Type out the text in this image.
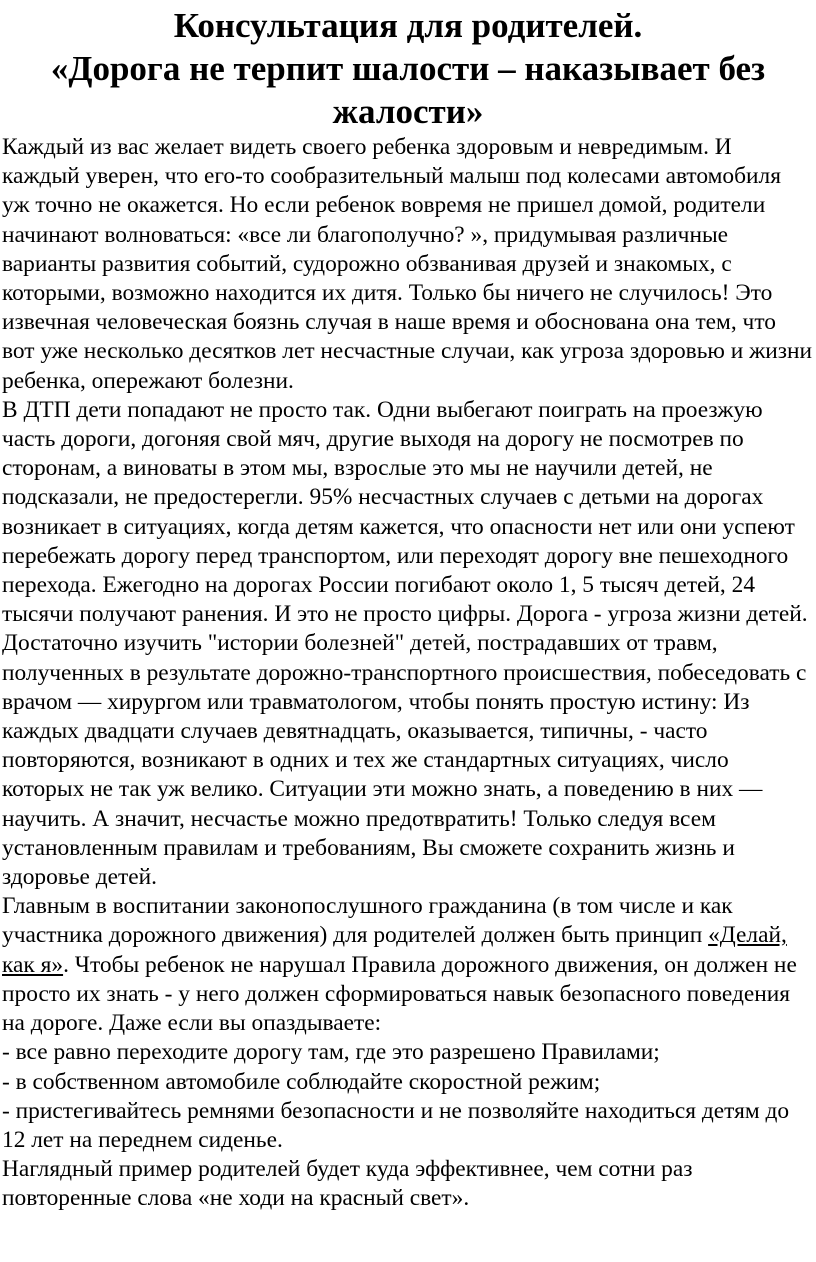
Консультация для родителей.
«Дорога не терпит шалости – наказывает без жалости»

Каждый из вас желает видеть своего ребенка здоровым и невредимым. И каждый уверен, что его-то сообразительный малыш под колесами автомобиля уж точно не окажется. Но если ребенок вовремя не пришел домой, родители начинают волноваться: «все ли благополучно? », придумывая различные варианты развития событий, судорожно обзванивая друзей и знакомых, с которыми, возможно находится их дитя. Только бы ничего не случилось! Это извечная человеческая боязнь случая в наше время и обоснована она тем, что вот уже несколько десятков лет несчастные случаи, как угроза здоровью и жизни ребенка, опережают болезни.

В ДТП дети попадают не просто так. Одни выбегают поиграть на проезжую часть дороги, догоняя свой мяч, другие выходя на дорогу не посмотрев по сторонам, а виноваты в этом мы, взрослые это мы не научили детей, не подсказали, не предостерегли. 95% несчастных случаев с детьми на дорогах возникает в ситуациях, когда детям кажется, что опасности нет или они успеют перебежать дорогу перед транспортом, или переходят дорогу вне пешеходного перехода. Ежегодно на дорогах России погибают около 1, 5 тысяч детей, 24 тысячи получают ранения. И это не просто цифры. Дорога - угроза жизни детей. Достаточно изучить "истории болезней" детей, пострадавших от травм, полученных в результате дорожно-транспортного происшествия, побеседовать с врачом — хирургом или травматологом, чтобы понять простую истину: Из каждых двадцати случаев девятнадцать, оказывается, типичны, - часто повторяются, возникают в одних и тех же стандартных ситуациях, число которых не так уж велико. Ситуации эти можно знать, а поведению в них — научить. А значит, несчастье можно предотвратить! Только следуя всем установленным правилам и требованиям, Вы сможете сохранить жизнь и здоровье детей.

Главным в воспитании законопослушного гражданина (в том числе и как участника дорожного движения) для родителей должен быть принцип «Делай, как я». Чтобы ребенок не нарушал Правила дорожного движения, он должен не просто их знать - у него должен сформироваться навык безопасного поведения на дороге. Даже если вы опаздываете:

- все равно переходите дорогу там, где это разрешено Правилами;

- в собственном автомобиле соблюдайте скоростной режим;

- пристегивайтесь ремнями безопасности и не позволяйте находиться детям до 12 лет на переднем сиденье.

Наглядный пример родителей будет куда эффективнее, чем сотни раз повторенные слова «не ходи на красный свет».
